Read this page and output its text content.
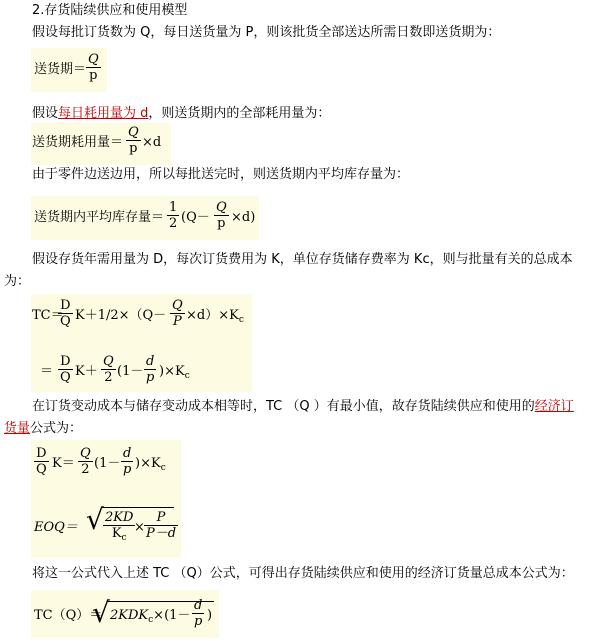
2.存货陆续供应和使用模型
假设每批订货数为 Q，每日送货量为 P，则该批货全部送达所需日数即送货期为：
送货期＝ $\frac{Q}{p}$
假设每日耗用量为 d，则送货期内的全部耗用量为：
送货期耗用量＝ $\frac{Q}{p} \times d$
由于零件边送边用，所以每批送完时，则送货期内平均库存量为：
送货期内平均库存量＝ $\frac{1}{2} (Q- \frac{Q}{p} \times d)$
假设存货年需用量为 D，每次订货费用为 K，单位存货储存费率为 Kc，则与批量有关的总成本
为：
TC＝
$\frac{D}{Q} K+1/2\times(Q- \frac{Q}{P} \times d)\times K_c$
＝ $\frac{D}{Q} K+ \frac{Q}{2} (1- \frac{d}{p} )\times K_c$
在订货变动成本与储存变动成本相等时，TC （Q ）有最小值，故存货陆续供应和使用的经济订
货量公式为：
$\frac{D}{Q} K= \frac{Q}{2} (1- \frac{d}{p} )\times K_c$
EOQ＝ √ $\frac{2KD}{K_c}$
× $\frac{P}{P-d}$
将这一公式代入上述 TC （Q）公式，可得出存货陆续供应和使用的经济订货量总成本公式为：
TC（Q）＝
√ $2KDK_c\times(1- \frac{d}{p}$ )
